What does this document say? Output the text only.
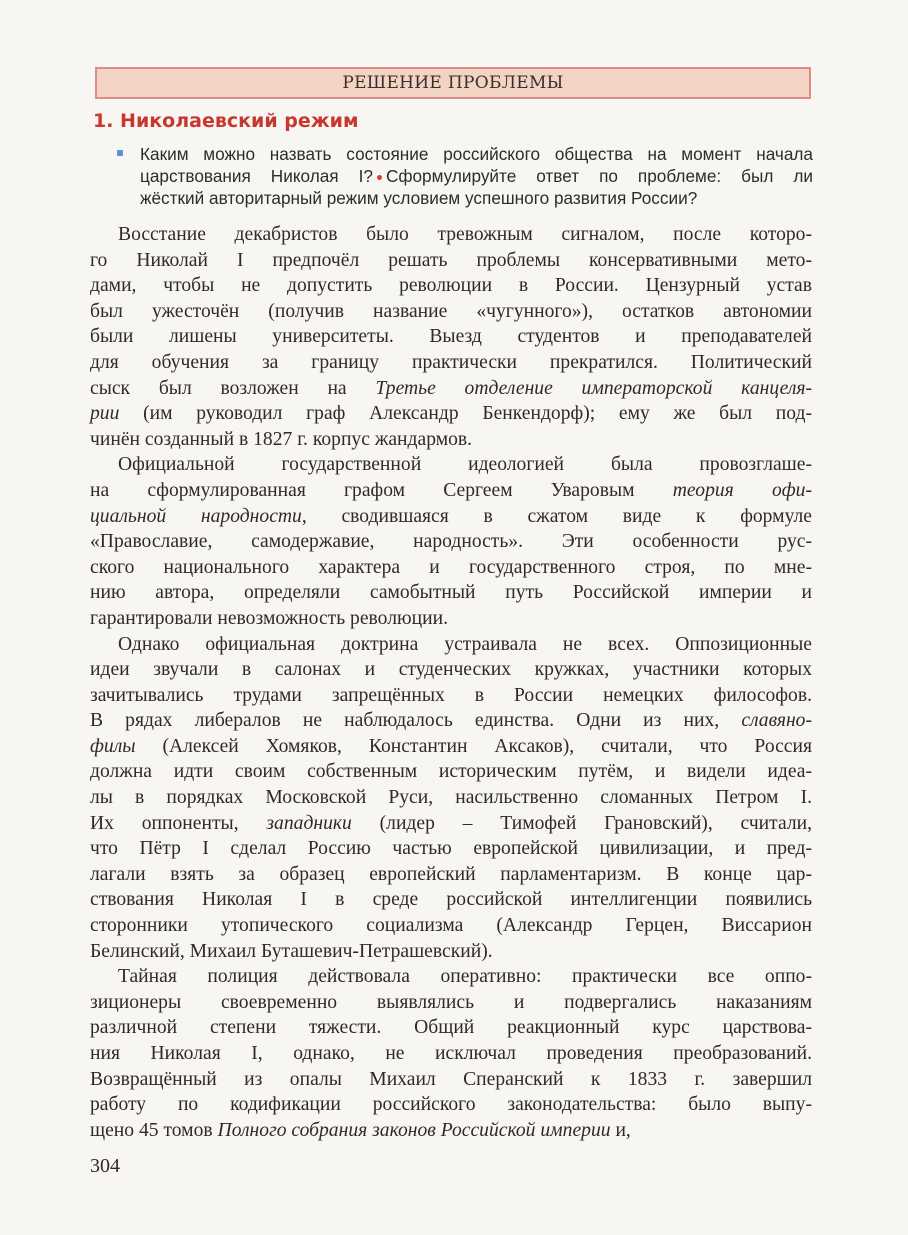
РЕШЕНИЕ ПРОБЛЕМЫ
1. Николаевский режим
Каким можно назвать состояние российского общества на момент начала
царствования Николая I? Сформулируйте ответ по проблеме: был ли
жёсткий авторитарный режим условием успешного развития России?
Восстание декабристов было тревожным сигналом, после которо-
го Николай I предпочёл решать проблемы консервативными мето-
дами, чтобы не допустить революции в России. Цензурный устав
был ужесточён (получив название «чугунного»), остатков автономии
были лишены университеты. Выезд студентов и преподавателей
для обучения за границу практически прекратился. Политический
сыск был возложен на Третье отделение императорской канцеля-
рии (им руководил граф Александр Бенкендорф); ему же был под-
чинён созданный в 1827 г. корпус жандармов.
Официальной государственной идеологией была провозглаше-
на сформулированная графом Сергеем Уваровым теория офи-
циальной народности, сводившаяся в сжатом виде к формуле
«Православие, самодержавие, народность». Эти особенности рус-
ского национального характера и государственного строя, по мне-
нию автора, определяли самобытный путь Российской империи и
гарантировали невозможность революции.
Однако официальная доктрина устраивала не всех. Оппозиционные
идеи звучали в салонах и студенческих кружках, участники которых
зачитывались трудами запрещённых в России немецких философов.
В рядах либералов не наблюдалось единства. Одни из них, славяно-
филы (Алексей Хомяков, Константин Аксаков), считали, что Россия
должна идти своим собственным историческим путём, и видели идеа-
лы в порядках Московской Руси, насильственно сломанных Петром I.
Их оппоненты, западники (лидер – Тимофей Грановский), считали,
что Пётр I сделал Россию частью европейской цивилизации, и пред-
лагали взять за образец европейский парламентаризм. В конце цар-
ствования Николая I в среде российской интеллигенции появились
сторонники утопического социализма (Александр Герцен, Виссарион
Белинский, Михаил Буташевич-Петрашевский).
Тайная полиция действовала оперативно: практически все оппо-
зиционеры своевременно выявлялись и подвергались наказаниям
различной степени тяжести. Общий реакционный курс царствова-
ния Николая I, однако, не исключал проведения преобразований.
Возвращённый из опалы Михаил Сперанский к 1833 г. завершил
работу по кодификации российского законодательства: было выпу-
щено 45 томов Полного собрания законов Российской империи и,
304
